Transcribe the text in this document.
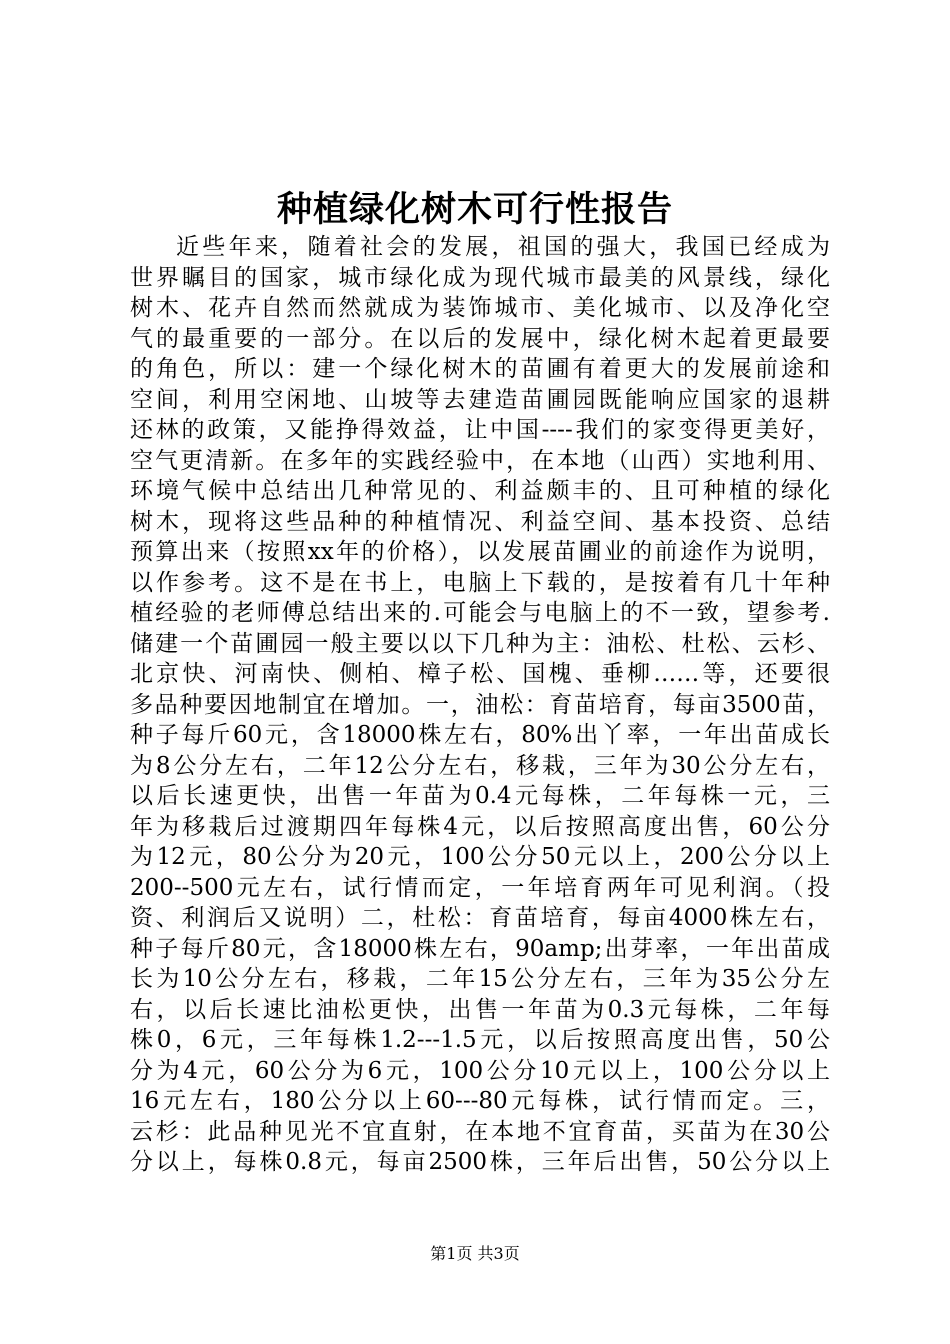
种植绿化树木可行性报告
近些年来，随着社会的发展，祖国的强大，我国已经成为
世界瞩目的国家，城市绿化成为现代城市最美的风景线，绿化
树木、花卉自然而然就成为装饰城市、美化城市、以及净化空
气的最重要的一部分。在以后的发展中，绿化树木起着更最要
的角色，所以：建一个绿化树木的苗圃有着更大的发展前途和
空间，利用空闲地、山坡等去建造苗圃园既能响应国家的退耕
还林的政策，又能挣得效益，让中国----我们的家变得更美好，
空气更清新。在多年的实践经验中，在本地（山西）实地利用、
环境气候中总结出几种常见的、利益颇丰的、且可种植的绿化
树木，现将这些品种的种植情况、利益空间、基本投资、总结
预算出来（按照xx年的价格），以发展苗圃业的前途作为说明，
以作参考。这不是在书上，电脑上下载的，是按着有几十年种
植经验的老师傅总结出来的.可能会与电脑上的不一致，望参考.
储建一个苗圃园一般主要以以下几种为主：油松、杜松、云杉、
北京快、河南快、侧柏、樟子松、国槐、垂柳……等，还要很
多品种要因地制宜在增加。一，油松：育苗培育，每亩3500苗，
种子每斤60元，含18000株左右，80%出丫率，一年出苗成长
为8公分左右，二年12公分左右，移栽，三年为30公分左右，
以后长速更快，出售一年苗为0.4元每株，二年每株一元，三
年为移栽后过渡期四年每株4元，以后按照高度出售，60公分
为12元，80公分为20元，100公分50元以上，200公分以上
200--500元左右，试行情而定，一年培育两年可见利润。（投
资、利润后又说明）二，杜松：育苗培育，每亩4000株左右，
种子每斤80元，含18000株左右，90amp;出芽率，一年出苗成
长为10公分左右，移栽，二年15公分左右，三年为35公分左
右，以后长速比油松更快，出售一年苗为0.3元每株，二年每
株0，6元，三年每株1.2---1.5元，以后按照高度出售，50公
分为4元，60公分为6元，100公分10元以上，100公分以上
16元左右，180公分以上60---80元每株，试行情而定。三，
云杉：此品种见光不宜直射，在本地不宜育苗，买苗为在30公
分以上，每株0.8元，每亩2500株，三年后出售，50公分以上
第1页 共3页
